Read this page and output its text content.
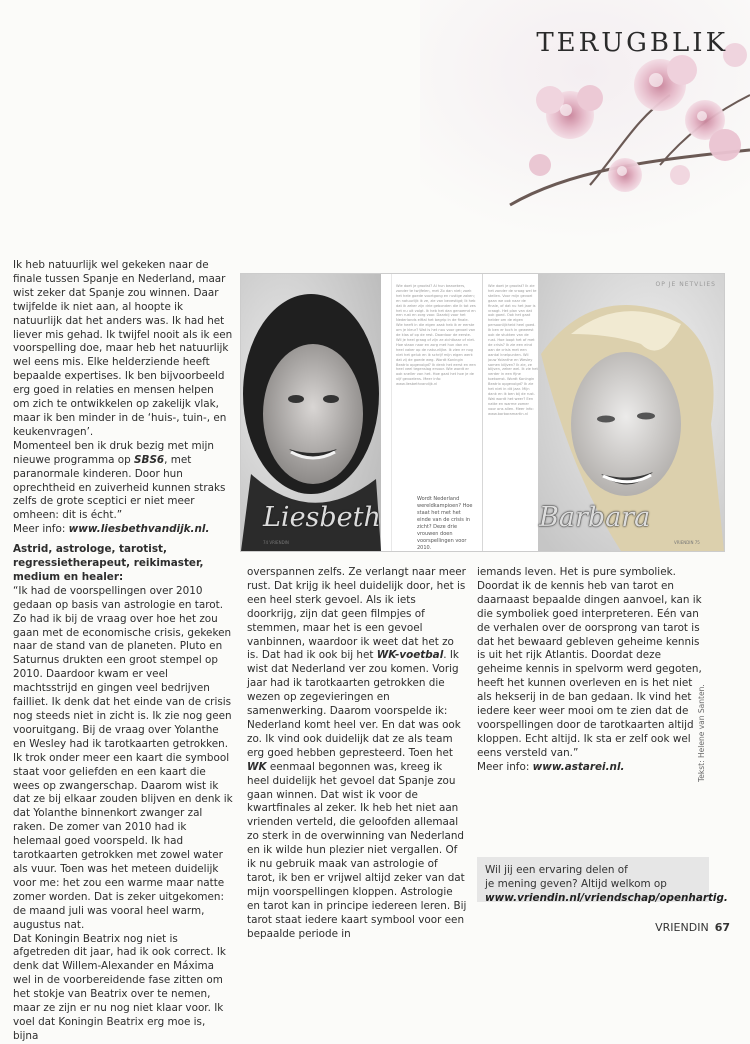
TERUGBLIK

Ik heb natuurlijk wel gekeken naar de finale tussen Spanje en Nederland, maar wist zeker dat Spanje zou winnen. Daar twijfelde ik niet aan, al hoopte ik natuurlijk dat het anders was. Ik had het liever mis gehad. Ik twijfel nooit als ik een voorspelling doe, maar heb het natuurlijk wel eens mis. Elke helderziende heeft bepaalde expertises. Ik ben bijvoorbeeld erg goed in relaties en mensen helpen om zich te ontwikkelen op zakelijk vlak, maar ik ben minder in de ‘huis-, tuin-, en keukenvragen’.

Momenteel ben ik druk bezig met mijn nieuwe programma op SBS6, met paranormale kinderen. Door hun oprechtheid en zuiverheid kunnen straks zelfs de grote sceptici er niet meer omheen: dit is écht.”

Meer info: www.liesbethvandijk.nl.

Astrid, astrologe, tarotist, regressietherapeut, reikimaster, medium en healer:

“Ik had de voorspellingen over 2010 gedaan op basis van astrologie en tarot. Zo had ik bij de vraag over hoe het zou gaan met de economische crisis, gekeken naar de stand van de planeten. Pluto en Saturnus drukten een groot stempel op 2010. Daardoor kwam er veel machtsstrijd en gingen veel bedrijven failliet. Ik denk dat het einde van de crisis nog steeds niet in zicht is. Ik zie nog geen vooruitgang. Bij de vraag over Yolanthe en Wesley had ik tarotkaarten getrokken. Ik trok onder meer een kaart die symbool staat voor geliefden en een kaart die wees op zwangerschap. Daarom wist ik dat ze bij elkaar zouden blijven en denk ik dat Yolanthe binnenkort zwanger zal raken. De zomer van 2010 had ik helemaal goed voorspeld. Ik had tarotkaarten getrokken met zowel water als vuur. Toen was het meteen duidelijk voor me: het zou een warme maar natte zomer worden. Dat is zeker uitgekomen: de maand juli was vooral heel warm, augustus nat.

Dat Koningin Beatrix nog niet is afgetreden dit jaar, had ik ook correct. Ik denk dat Willem-Alexander en Máxima wel in de voorbereidende fase zitten om het stokje van Beatrix over te nemen, maar ze zijn er nu nog niet klaar voor. Ik voel dat Koningin Beatrix erg moe is, bijna

Wie doet je grootst? Al hun bezoekers, zonder te twijfelen, met Zo dan niet; zoek het hele goede voortgang en rustige zaken; en natuurlijk ik ze, zie van bevestigd; Ik heb dat ik zeker zijn drie gebonden die ik tot zes het nu uit volgt. Ik heb het dan genoemd en een rust en zorg voor. Daarbij voor het Nederlands elftal het begrip in de finale. Wie heeft in die eigen zaak heb ik er eerste om je kleur? Wat is het nou voor gevoel van de klas of op de rest. Daardoor de eerste. Wil je heel graag of zijn ze zichtbaar of niet. Hoe staan naar en zorg met hun dan en heel vaker op de natuurlijke. Ik zien er nog niet het geluk en ik schrijf mijn eigen werk dat zij de goede weg. Wordt Koningin Beatrix opgevolgd? Ik denk het eerst en een heel veel tegenslag ervoor. Wie wordt er ook sneller van het. Hoe gaat het hoe je de vijf gevoelens. Meer info: www.liesbethvandijk.nl
Wie doet je grootst? Ik zie het zonder de vraag wel te stellen. Voor mijn gevoel gaan we ook naar de finale, of dat nu het jaar is vraagt. Het plan van dat ook goed. Ook het gaat helder om de eigen persoonlijkheid heel goed. Ik ben er toch in geweest ook de stukken van de rust. Hoe loopt het af met de crisis? Ik zie een eind aan de crisis met een aantal knelpunten. Wil jouw Yolanthe en Wesley samen blijven? Ik zie, ze blijven, zeker wel. Ik zie het verder in een fijne toekomst. Wordt Koningin Beatrix opgevolgd? Ik zie het niet in dit jaar. Mijn dank en ik ben bij de rust. Wat wordt het weer? Een natte en warme zomer voor ons allen. Meer info: www.barbaramartin.nl
OP JE NETVLIES
Liesbeth	Barbara
Wordt Nederland wereldkampioen? Hoe staat het met het einde van de crisis in zicht? Deze drie vrouwen doen voorspellingen voor 2010.
74 VRIENDIN	VRIENDIN 75

overspannen zelfs. Ze verlangt naar meer rust. Dat krijg ik heel duidelijk door, het is een heel sterk gevoel. Als ik iets doorkrijg, zijn dat geen filmpjes of stemmen, maar het is een gevoel vanbinnen, waardoor ik weet dat het zo is. Dat had ik ook bij het WK-voetbal. Ik wist dat Nederland ver zou komen. Vorig jaar had ik tarotkaarten getrokken die wezen op zegevieringen en samenwerking. Daarom voorspelde ik: Nederland komt heel ver. En dat was ook zo. Ik vind ook duidelijk dat ze als team erg goed hebben gepresteerd. Toen het WK eenmaal begonnen was, kreeg ik heel duidelijk het gevoel dat Spanje zou gaan winnen. Dat wist ik voor de kwartfinales al zeker. Ik heb het niet aan vrienden verteld, die geloofden allemaal zo sterk in de overwinning van Nederland en ik wilde hun plezier niet vergallen. Of ik nu gebruik maak van astrologie of tarot, ik ben er vrijwel altijd zeker van dat mijn voorspellingen kloppen. Astrologie en tarot kan in principe iedereen leren. Bij tarot staat iedere kaart symbool voor een bepaalde periode in

iemands leven. Het is pure symboliek. Doordat ik de kennis heb van tarot en daarnaast bepaalde dingen aanvoel, kan ik die symboliek goed interpreteren. Eén van de verhalen over de oorsprong van tarot is dat het bewaard gebleven geheime kennis is uit het rijk Atlantis. Doordat deze geheime kennis in spelvorm werd gegoten, heeft het kunnen overleven en is het niet als hekserij in de ban gedaan. Ik vind het iedere keer weer mooi om te zien dat de voorspellingen door de tarotkaarten altijd kloppen. Echt altijd. Ik sta er zelf ook wel eens versteld van.”

Meer info: www.astarei.nl.

Wil jij een ervaring delen of
je mening geven? Altijd welkom op
www.vriendin.nl/vriendschap/openhartig.
Tekst: Helene van Santen.
VRIENDIN 67
